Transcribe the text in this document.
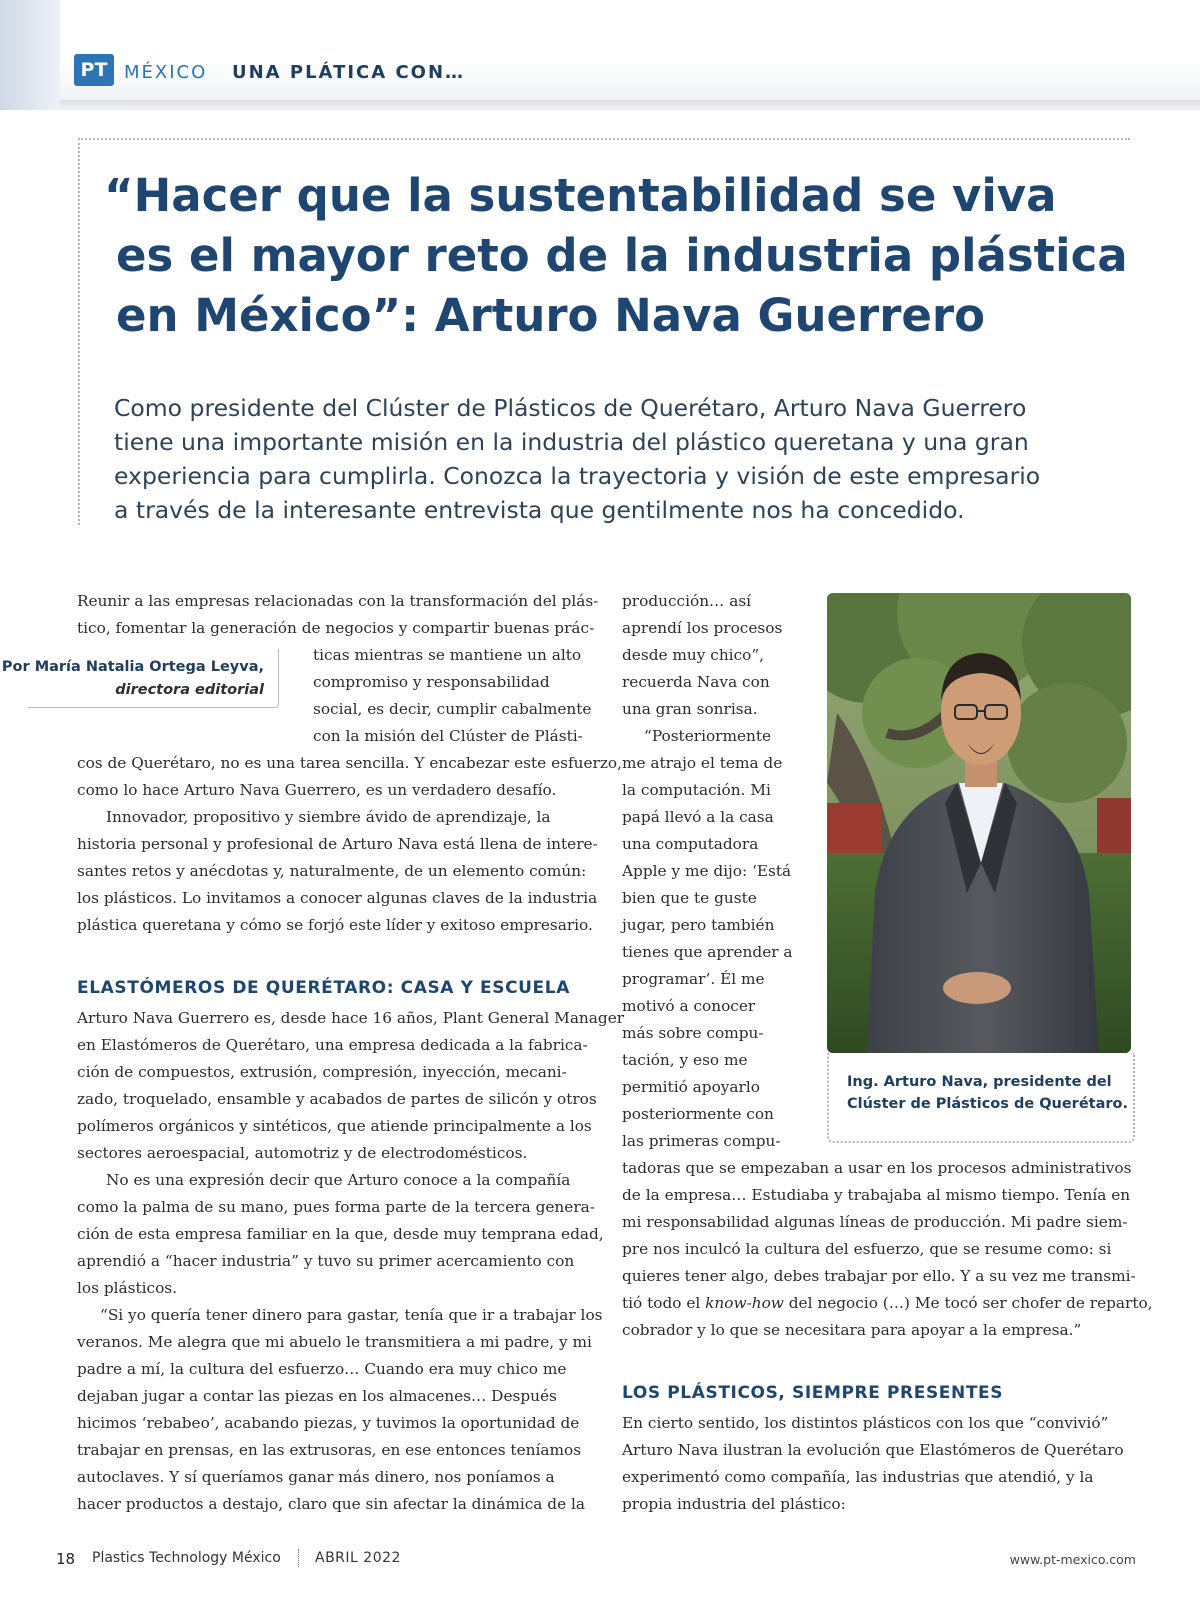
PT MÉXICO UNA PLÁTICA CON…
“Hacer que la sustentabilidad se viva
es el mayor reto de la industria plástica
en México”: Arturo Nava Guerrero

Como presidente del Clúster de Plásticos de Querétaro, Arturo Nava Guerrero
tiene una importante misión en la industria del plástico queretana y una gran
experiencia para cumplirla. Conozca la trayectoria y visión de este empresario
a través de la interesante entrevista que gentilmente nos ha concedido.

Por María Natalia Ortega Leyva,
directora editorial
Reunir a las empresas relacionadas con la transformación del plás-
tico, fomentar la generación de negocios y compartir buenas prác-
ticas mientras se mantiene un alto
compromiso y responsabilidad
social, es decir, cumplir cabalmente
con la misión del Clúster de Plásti-
cos de Querétaro, no es una tarea sencilla. Y encabezar este esfuerzo,
como lo hace Arturo Nava Guerrero, es un verdadero desafío.
Innovador, propositivo y siembre ávido de aprendizaje, la
historia personal y profesional de Arturo Nava está llena de intere-
santes retos y anécdotas y, naturalmente, de un elemento común:
los plásticos. Lo invitamos a conocer algunas claves de la industria
plástica queretana y cómo se forjó este líder y exitoso empresario.
ELASTÓMEROS DE QUERÉTARO: CASA Y ESCUELA
Arturo Nava Guerrero es, desde hace 16 años, Plant General Manager
en Elastómeros de Querétaro, una empresa dedicada a la fabrica-
ción de compuestos, extrusión, compresión, inyección, mecani-
zado, troquelado, ensamble y acabados de partes de silicón y otros
polímeros orgánicos y sintéticos, que atiende principalmente a los
sectores aeroespacial, automotriz y de electrodomésticos.
No es una expresión decir que Arturo conoce a la compañía
como la palma de su mano, pues forma parte de la tercera genera-
ción de esta empresa familiar en la que, desde muy temprana edad,
aprendió a “hacer industria” y tuvo su primer acercamiento con
los plásticos.
“Si yo quería tener dinero para gastar, tenía que ir a trabajar los
veranos. Me alegra que mi abuelo le transmitiera a mi padre, y mi
padre a mí, la cultura del esfuerzo… Cuando era muy chico me
dejaban jugar a contar las piezas en los almacenes… Después
hicimos ‘rebabeo’, acabando piezas, y tuvimos la oportunidad de
trabajar en prensas, en las extrusoras, en ese entonces teníamos
autoclaves. Y sí queríamos ganar más dinero, nos poníamos a
hacer productos a destajo, claro que sin afectar la dinámica de la
producción… así
aprendí los procesos
desde muy chico”,
recuerda Nava con
una gran sonrisa.
“Posteriormente
me atrajo el tema de
la computación. Mi
papá llevó a la casa
una computadora
Apple y me dijo: ‘Está
bien que te guste
jugar, pero también
tienes que aprender a
programar’. Él me
motivó a conocer
más sobre compu-
tación, y eso me
permitió apoyarlo
posteriormente con
las primeras compu-
tadoras que se empezaban a usar en los procesos administrativos
de la empresa… Estudiaba y trabajaba al mismo tiempo. Tenía en
mi responsabilidad algunas líneas de producción. Mi padre siem-
pre nos inculcó la cultura del esfuerzo, que se resume como: si
quieres tener algo, debes trabajar por ello. Y a su vez me transmi-
tió todo el know-how del negocio (…) Me tocó ser chofer de reparto,
cobrador y lo que se necesitara para apoyar a la empresa.”
LOS PLÁSTICOS, SIEMPRE PRESENTES
En cierto sentido, los distintos plásticos con los que “convivió”
Arturo Nava ilustran la evolución que Elastómeros de Querétaro
experimentó como compañía, las industrias que atendió, y la
propia industria del plástico:

Ing. Arturo Nava, presidente del
Clúster de Plásticos de Querétaro.

18 Plastics Technology México ABRIL 2022	www.pt-mexico.com
